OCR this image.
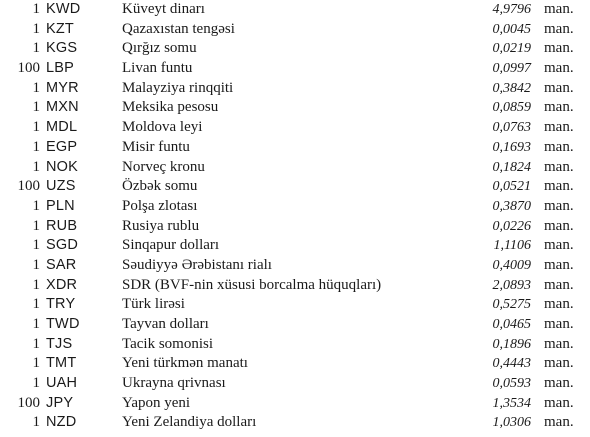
1 KWD	Küveyt dinarı	4,9796 man.
1 KZT	Qazaxıstan tengəsi	0,0045 man.
1 KGS	Qırğız somu	0,0219 man.
100 LBP	Livan funtu	0,0997 man.
1 MYR	Malayziya rinqqiti	0,3842 man.
1 MXN	Meksika pesosu	0,0859 man.
1 MDL	Moldova leyi	0,0763 man.
1 EGP	Misir funtu	0,1693 man.
1 NOK	Norveç kronu	0,1824 man.
100 UZS	Özbək somu	0,0521 man.
1 PLN	Polşa zlotası	0,3870 man.
1 RUB	Rusiya rublu	0,0226 man.
1 SGD	Sinqapur dolları	1,1106 man.
1 SAR	Səudiyyə Ərəbistanı rialı	0,4009 man.
1 XDR	SDR (BVF-nin xüsusi borcalma hüquqları)	2,0893 man.
1 TRY	Türk lirəsi	0,5275 man.
1 TWD	Tayvan dolları	0,0465 man.
1 TJS	Tacik somonisi	0,1896 man.
1 TMT	Yeni türkmən manatı	0,4443 man.
1 UAH	Ukrayna qrivnası	0,0593 man.
100 JPY	Yapon yeni	1,3534 man.
1 NZD	Yeni Zelandiya dolları	1,0306 man.
